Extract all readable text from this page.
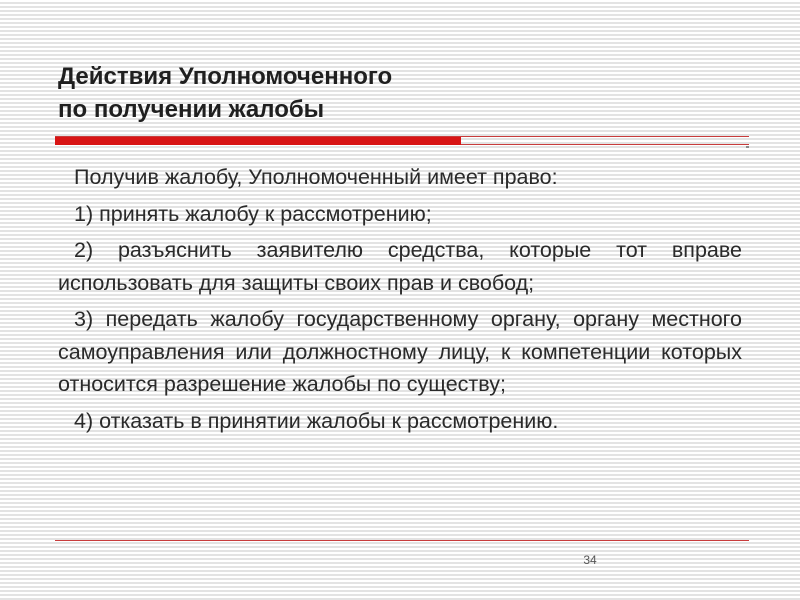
Действия Уполномоченного
по получении жалобы

Получив жалобу, Уполномоченный имеет право:

1) принять жалобу к рассмотрению;

2) разъяснить заявителю средства, которые тот вправе использовать для защиты своих прав и свобод;

3) передать жалобу государственному органу, органу местного самоуправления или должностному лицу, к компетенции которых относится разрешение жалобы по существу;

4) отказать в принятии жалобы к рассмотрению.

34
